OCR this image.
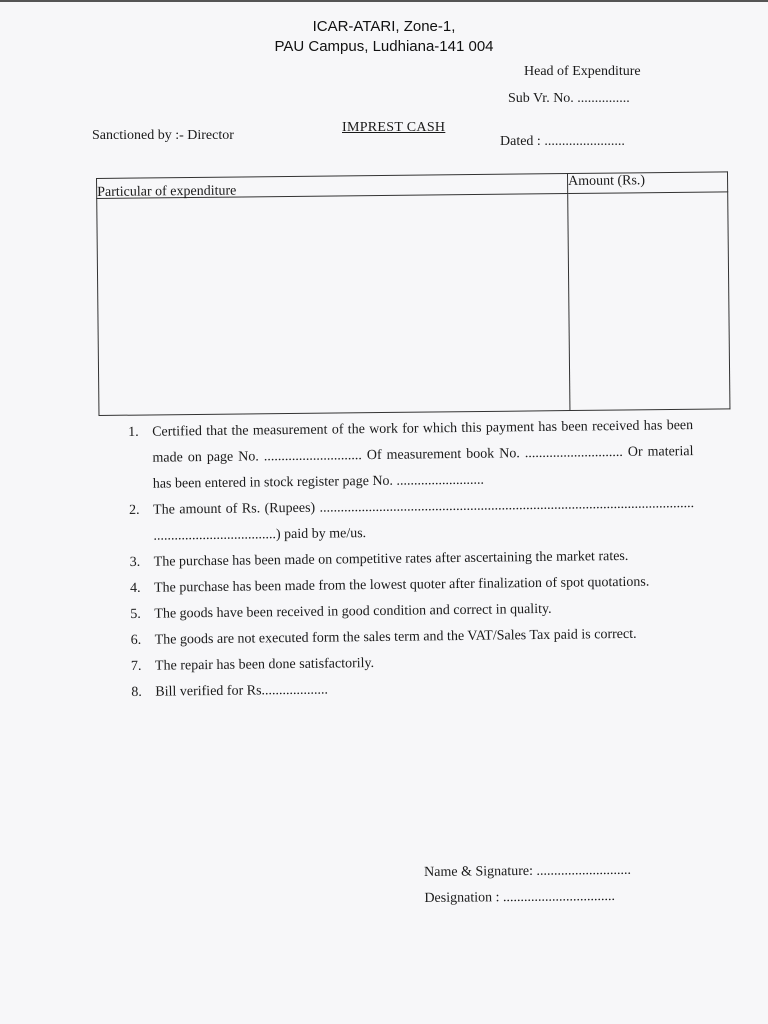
ICAR-ATARI, Zone-1,
PAU Campus, Ludhiana-141 004
Head of Expenditure
Sub Vr. No. ...............
Sanctioned by :- Director
IMPREST CASH
Dated : .......................
Particular of expenditure	Amount (Rs.)

1. Certified that the measurement of the work for which this payment has been received has been made on page No. ............................ Of measurement book No. ............................ Or material has been entered in stock register page No. .........................
2. The amount of Rs. (Rupees) ........................................................................................................... ...................................) paid by me/us.
3. The purchase has been made on competitive rates after ascertaining the market rates.
4. The purchase has been made from the lowest quoter after finalization of spot quotations.
5. The goods have been received in good condition and correct in quality.
6. The goods are not executed form the sales term and the VAT/Sales Tax paid is correct.
7. The repair has been done satisfactorily.
8. Bill verified for Rs...................
Name & Signature: ...........................
Designation : ................................
